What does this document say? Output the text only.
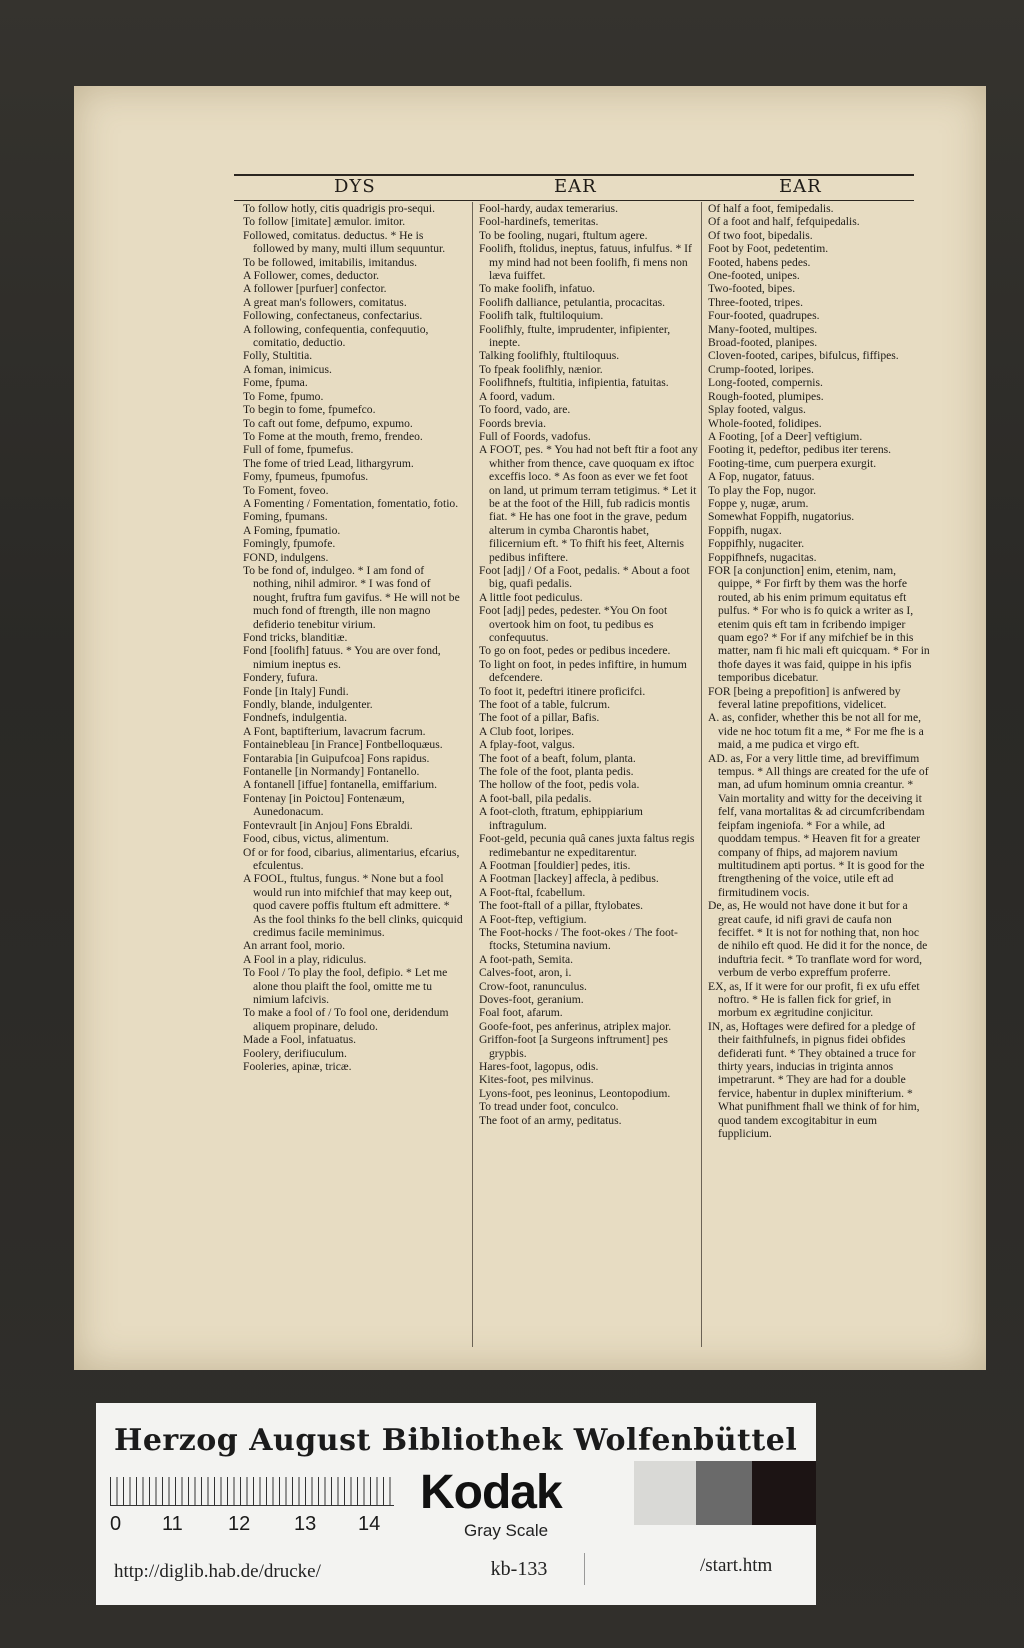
DYS	EAR	EAR

To follow hotly, citis quadrigis pro-sequi.

To follow [imitate] æmulor. imitor.

Followed, comitatus. deductus. * He is followed by many, multi illum sequuntur.

To be followed, imitabilis, imitandus.

A Follower, comes, deductor.

A follower [purfuer] confector.

A great man's followers, comitatus.

Following, confectaneus, confectarius.

A following, confequentia, confequutio, comitatio, deductio.

Folly, Stultitia.

A foman, inimicus.

Fome, fpuma.

To Fome, fpumo.

To begin to fome, fpumefco.

To caft out fome, defpumo, expumo.

To Fome at the mouth, fremo, frendeo.

Full of fome, fpumefus.

The fome of tried Lead, lithargyrum.

Fomy, fpumeus, fpumofus.

To Foment, foveo.

A Fomenting / Fomentation, fomentatio, fotio.

Foming, fpumans.

A Foming, fpumatio.

Fomingly, fpumofe.

FOND, indulgens.

To be fond of, indulgeo. * I am fond of nothing, nihil admiror. * I was fond of nought, fruftra fum gavifus. * He will not be much fond of ftrength, ille non magno defiderio tenebitur virium.

Fond tricks, blanditiæ.

Fond [foolifh] fatuus. * You are over fond, nimium ineptus es.

Fondery, fufura.

Fonde [in Italy] Fundi.

Fondly, blande, indulgenter.

Fondnefs, indulgentia.

A Font, baptifterium, lavacrum facrum.

Fontainebleau [in France] Fontbelloquæus.

Fontarabia [in Guipufcoa] Fons rapidus.

Fontanelle [in Normandy] Fontanello.

A fontanell [iffue] fontanella, emiffarium.

Fontenay [in Poictou] Fontenæum, Aunedonacum.

Fontevrault [in Anjou] Fons Ebraldi.

Food, cibus, victus, alimentum.

Of or for food, cibarius, alimentarius, efcarius, efculentus.

A FOOL, ftultus, fungus. * None but a fool would run into mifchief that may keep out, quod cavere poffis ftultum eft admittere. * As the fool thinks fo the bell clinks, quicquid credimus facile meminimus.

An arrant fool, morio.

A Fool in a play, ridiculus.

To Fool / To play the fool, defipio. * Let me alone thou plaift the fool, omitte me tu nimium lafcivis.

To make a fool of / To fool one, deridendum aliquem propinare, deludo.

Made a Fool, infatuatus.

Foolery, derifiuculum.

Fooleries, apinæ, tricæ.

Fool-hardy, audax temerarius.

Fool-hardinefs, temeritas.

To be fooling, nugari, ftultum agere.

Foolifh, ftolidus, ineptus, fatuus, infulfus. * If my mind had not been foolifh, fi mens non læva fuiffet.

To make foolifh, infatuo.

Foolifh dalliance, petulantia, procacitas.

Foolifh talk, ftultiloquium.

Foolifhly, ftulte, imprudenter, infipienter, inepte.

Talking foolifhly, ftultiloquus.

To fpeak foolifhly, nænior.

Foolifhnefs, ftultitia, infipientia, fatuitas.

A foord, vadum.

To foord, vado, are.

Foords brevia.

Full of Foords, vadofus.

A FOOT, pes. * You had not beft ftir a foot any whither from thence, cave quoquam ex iftoc exceffis loco. * As foon as ever we fet foot on land, ut primum terram tetigimus. * Let it be at the foot of the Hill, fub radicis montis fiat. * He has one foot in the grave, pedum alterum in cymba Charontis habet, filicernium eft. * To fhift his feet, Alternis pedibus infiftere.

Foot [adj] / Of a Foot, pedalis. * About a foot big, quafi pedalis.

A little foot pediculus.

Foot [adj] pedes, pedester. *You On foot overtook him on foot, tu pedibus es confequutus.

To go on foot, pedes or pedibus incedere.

To light on foot, in pedes infiftire, in humum defcendere.

To foot it, pedeftri itinere proficifci.

The foot of a table, fulcrum.

The foot of a pillar, Bafis.

A Club foot, loripes.

A fplay-foot, valgus.

The foot of a beaft, folum, planta.

The fole of the foot, planta pedis.

The hollow of the foot, pedis vola.

A foot-ball, pila pedalis.

A foot-cloth, ftratum, ephippiarium inftragulum.

Foot-geld, pecunia quâ canes juxta faltus regis redimebantur ne expeditarentur.

A Footman [fouldier] pedes, itis.

A Footman [lackey] affecla, à pedibus.

A Foot-ftal, fcabellum.

The foot-ftall of a pillar, ftylobates.

A Foot-ftep, veftigium.

The Foot-hocks / The foot-okes / The foot-ftocks, Stetumina navium.

A foot-path, Semita.

Calves-foot, aron, i.

Crow-foot, ranunculus.

Doves-foot, geranium.

Foal foot, afarum.

Goofe-foot, pes anferinus, atriplex major.

Griffon-foot [a Surgeons inftrument] pes grypbis.

Hares-foot, lagopus, odis.

Kites-foot, pes milvinus.

Lyons-foot, pes leoninus, Leontopodium.

To tread under foot, conculco.

The foot of an army, peditatus.

Of half a foot, femipedalis.

Of a foot and half, fefquipedalis.

Of two foot, bipedalis.

Foot by Foot, pedetentim.

Footed, habens pedes.

One-footed, unipes.

Two-footed, bipes.

Three-footed, tripes.

Four-footed, quadrupes.

Many-footed, multipes.

Broad-footed, planipes.

Cloven-footed, caripes, bifulcus, fiffipes.

Crump-footed, loripes.

Long-footed, compernis.

Rough-footed, plumipes.

Splay footed, valgus.

Whole-footed, folidipes.

A Footing, [of a Deer] veftigium.

Footing it, pedeftor, pedibus iter terens.

Footing-time, cum puerpera exurgit.

A Fop, nugator, fatuus.

To play the Fop, nugor.

Foppe y, nugæ, arum.

Somewhat Foppifh, nugatorius.

Foppifh, nugax.

Foppifhly, nugaciter.

Foppifhnefs, nugacitas.

FOR [a conjunction] enim, etenim, nam, quippe, * For firft by them was the horfe routed, ab his enim primum equitatus eft pulfus. * For who is fo quick a writer as I, etenim quis eft tam in fcribendo impiger quam ego? * For if any mifchief be in this matter, nam fi hic mali eft quicquam. * For in thofe dayes it was faid, quippe in his ipfis temporibus dicebatur.

FOR [being a prepofition] is anfwered by feveral latine prepofitions, videlicet.

A. as, confider, whether this be not all for me, vide ne hoc totum fit a me, * For me fhe is a maid, a me pudica et virgo eft.

AD. as, For a very little time, ad breviffimum tempus. * All things are created for the ufe of man, ad ufum hominum omnia creantur. * Vain mortality and witty for the deceiving it felf, vana mortalitas & ad circumfcribendam feipfam ingeniofa. * For a while, ad quoddam tempus. * Heaven fit for a greater company of fhips, ad majorem navium multitudinem apti portus. * It is good for the ftrengthening of the voice, utile eft ad firmitudinem vocis.

De, as, He would not have done it but for a great caufe, id nifi gravi de caufa non feciffet. * It is not for nothing that, non hoc de nihilo eft quod. He did it for the nonce, de induftria fecit. * To tranflate word for word, verbum de verbo expreffum proferre.

EX, as, If it were for our profit, fi ex ufu effet noftro. * He is fallen fick for grief, in morbum ex ægritudine conjicitur.

IN, as, Hoftages were defired for a pledge of their faithfulnefs, in pignus fidei obfides defiderati funt. * They obtained a truce for thirty years, inducias in triginta annos impetrarunt. * They are had for a double fervice, habentur in duplex minifterium. * What punifhment fhall we think of for him, quod tandem excogitabitur in eum fupplicium.

Herzog August Bibliothek Wolfenbüttel
0 11 12 13 14
Kodak
Gray Scale
kb-133
http://diglib.hab.de/drucke/	/start.htm
